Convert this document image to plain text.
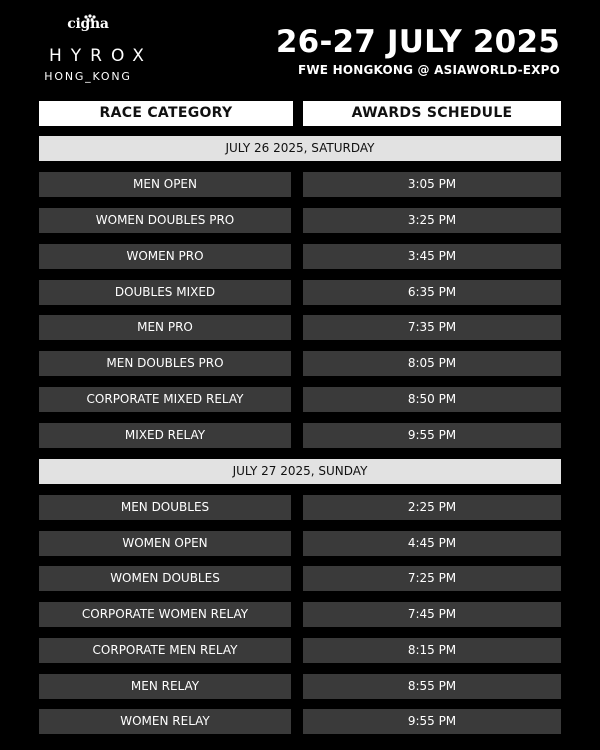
cigna
HYROX
HONG_KONG
26-27 JULY 2025
FWE HONGKONG @ ASIAWORLD-EXPO
RACE CATEGORY	AWARDS SCHEDULE
JULY 26 2025, SATURDAY
MEN OPEN	3:05 PM
WOMEN DOUBLES PRO	3:25 PM
WOMEN PRO	3:45 PM
DOUBLES MIXED	6:35 PM
MEN PRO	7:35 PM
MEN DOUBLES PRO	8:05 PM
CORPORATE MIXED RELAY	8:50 PM
MIXED RELAY	9:55 PM
JULY 27 2025, SUNDAY
MEN DOUBLES	2:25 PM
WOMEN OPEN	4:45 PM
WOMEN DOUBLES	7:25 PM
CORPORATE WOMEN RELAY	7:45 PM
CORPORATE MEN RELAY	8:15 PM
MEN RELAY	8:55 PM
WOMEN RELAY	9:55 PM
